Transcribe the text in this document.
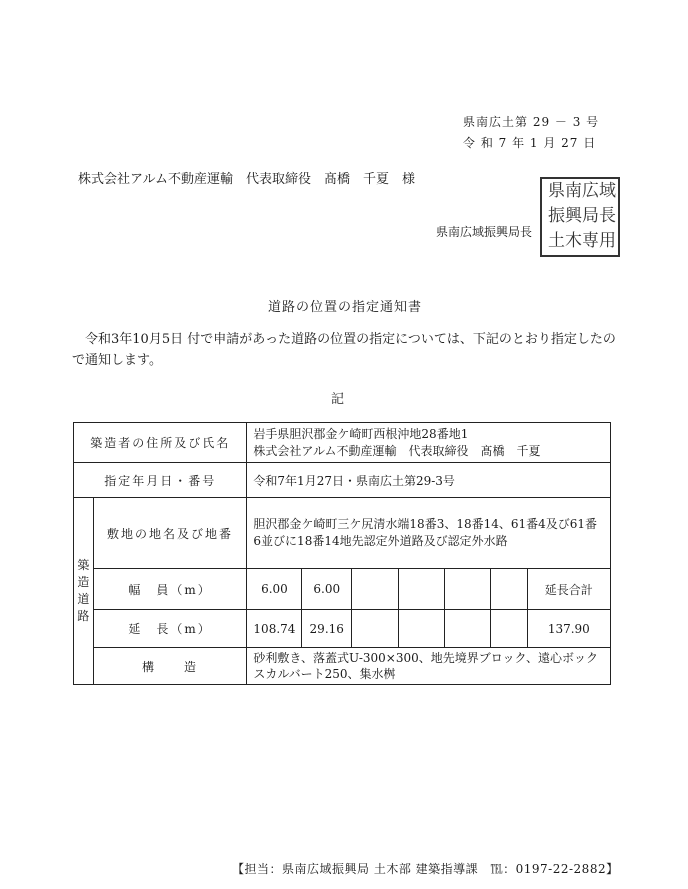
県南広土第 29 － 3 号
令 和 7 年 1 月 27 日
株式会社アルム不動産運輸　代表取締役　髙橋　千夏　様
県南広域振興局長
県 南 広 域
振 興 局 長
土 木 専 用
道路の位置の指定通知書
令和3年10月5日 付で申請があった道路の位置の指定については、下記のとおり指定したので通知します。
記
築造者の住所及び氏名		岩手県胆沢郡金ケ崎町西根沖地28番地1
株式会社アルム不動産運輸　代表取締役　髙橋　千夏						

指定年月日・番号		令和7年1月27日・県南広土第29-3号						

築造道路	敷地の地名及び地番	胆沢郡金ケ崎町三ケ尻清水端18番3、18番14、61番4及び61番6並びに18番14地先認定外道路及び認定外水路						
	幅　員（m）	6.00	6.00					延長合計
	延　長（m）	108.74	29.16					137.90
	構　　造	砂利敷き、落蓋式U-300×300、地先境界ブロック、遠心ボックスカルバート250、集水桝						
【担当：県南広域振興局 土木部 建築指導課　℡：0197-22-2882】
